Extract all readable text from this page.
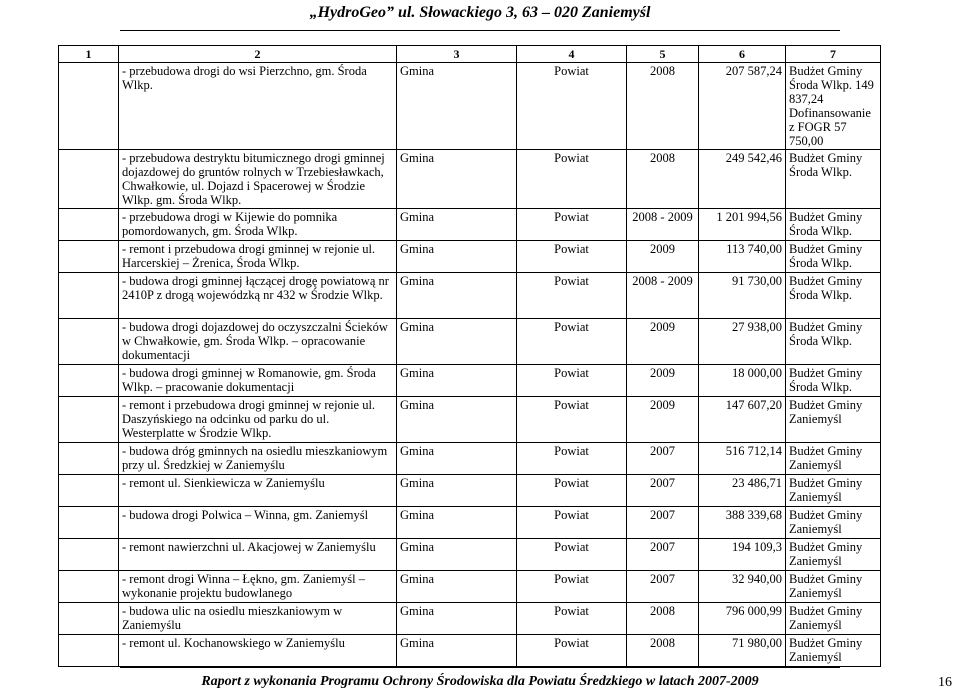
„HydroGeo” ul. Słowackiego 3, 63 – 020 Zaniemyśl
1	2	3	4	5	6	7
	- przebudowa drogi do wsi Pierzchno, gm. Środa Wlkp.	Gmina	Powiat	2008	207 587,24	Budżet Gminy Środa Wlkp. 149 837,24 Dofinansowanie z FOGR 57 750,00
	- przebudowa destryktu bitumicznego drogi gminnej dojazdowej do gruntów rolnych w Trzebiesławkach, Chwałkowie, ul. Dojazd i Spacerowej w Środzie Wlkp. gm. Środa Wlkp.	Gmina	Powiat	2008	249 542,46	Budżet Gminy Środa Wlkp.
	- przebudowa drogi w Kijewie do pomnika pomordowanych, gm. Środa Wlkp.	Gmina	Powiat	2008 - 2009	1 201 994,56	Budżet Gminy Środa Wlkp.
	- remont i przebudowa drogi gminnej w rejonie ul. Harcerskiej – Żrenica, Środa Wlkp.	Gmina	Powiat	2009	113 740,00	Budżet Gminy Środa Wlkp.
	- budowa drogi gminnej łączącej drogę powiatową nr 2410P z drogą wojewódzką nr 432 w Środzie Wlkp.	Gmina	Powiat	2008 - 2009	91 730,00	Budżet Gminy Środa Wlkp.
	- budowa drogi dojazdowej do oczyszczalni Ścieków w Chwałkowie, gm. Środa Wlkp. – opracowanie dokumentacji	Gmina	Powiat	2009	27 938,00	Budżet Gminy Środa Wlkp.
	- budowa drogi gminnej w Romanowie, gm. Środa Wlkp. – pracowanie dokumentacji	Gmina	Powiat	2009	18 000,00	Budżet Gminy Środa Wlkp.
	- remont i przebudowa drogi gminnej w rejonie ul. Daszyńskiego na odcinku od parku do ul. Westerplatte w Środzie Wlkp.	Gmina	Powiat	2009	147 607,20	Budżet Gminy Zaniemyśl
	- budowa dróg gminnych na osiedlu mieszkaniowym przy ul. Średzkiej w Zaniemyślu	Gmina	Powiat	2007	516 712,14	Budżet Gminy Zaniemyśl
	- remont ul. Sienkiewicza w Zaniemyślu	Gmina	Powiat	2007	23 486,71	Budżet Gminy Zaniemyśl
	- budowa drogi Polwica – Winna, gm. Zaniemyśl	Gmina	Powiat	2007	388 339,68	Budżet Gminy Zaniemyśl
	- remont nawierzchni ul. Akacjowej w Zaniemyślu	Gmina	Powiat	2007	194 109,3	Budżet Gminy Zaniemyśl
	- remont drogi Winna – Łękno, gm. Zaniemyśl – wykonanie projektu budowlanego	Gmina	Powiat	2007	32 940,00	Budżet Gminy Zaniemyśl
	- budowa ulic na osiedlu mieszkaniowym w Zaniemyślu	Gmina	Powiat	2008	796 000,99	Budżet Gminy Zaniemyśl
	- remont ul. Kochanowskiego w Zaniemyślu	Gmina	Powiat	2008	71 980,00	Budżet Gminy Zaniemyśl
Raport z wykonania Programu Ochrony Środowiska dla Powiatu Średzkiego w latach 2007-2009	16
